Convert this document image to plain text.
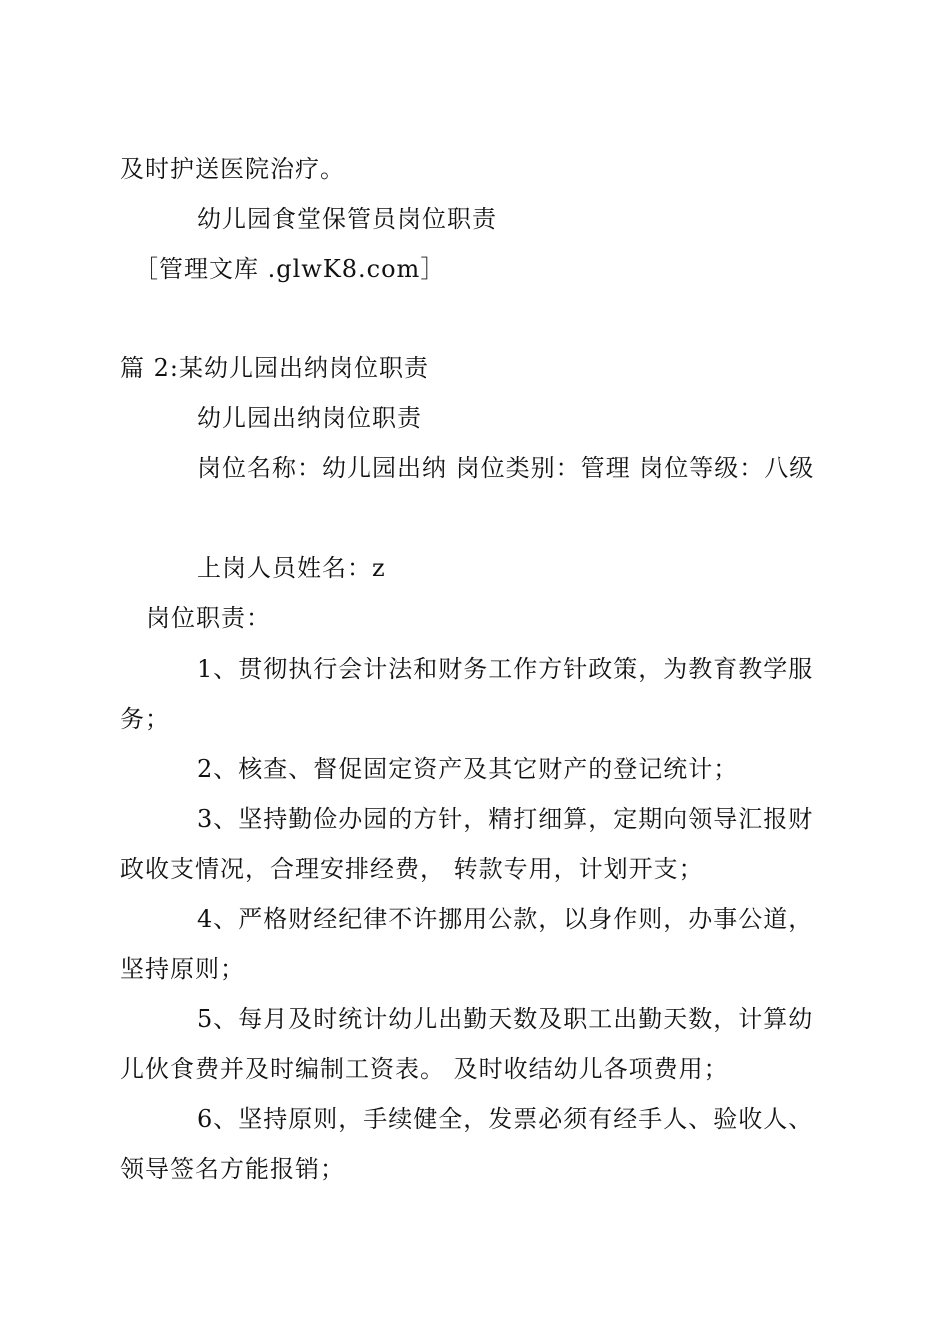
及时护送医院治疗。
幼儿园食堂保管员岗位职责
［管理文库 .glwK8.com］
篇 2:某幼儿园出纳岗位职责
幼儿园出纳岗位职责
岗位名称：幼儿园出纳 岗位类别：管理 岗位等级：八级
上岗人员姓名：z
岗位职责：
1、贯彻执行会计法和财务工作方针政策，为教育教学服
务；
2、核查、督促固定资产及其它财产的登记统计；
3、坚持勤俭办园的方针，精打细算，定期向领导汇报财
政收支情况，合理安排经费， 转款专用，计划开支；
4、严格财经纪律不许挪用公款，以身作则，办事公道，
坚持原则；
5、每月及时统计幼儿出勤天数及职工出勤天数，计算幼
儿伙食费并及时编制工资表。 及时收结幼儿各项费用；
6、坚持原则，手续健全，发票必须有经手人、验收人、
领导签名方能报销；
